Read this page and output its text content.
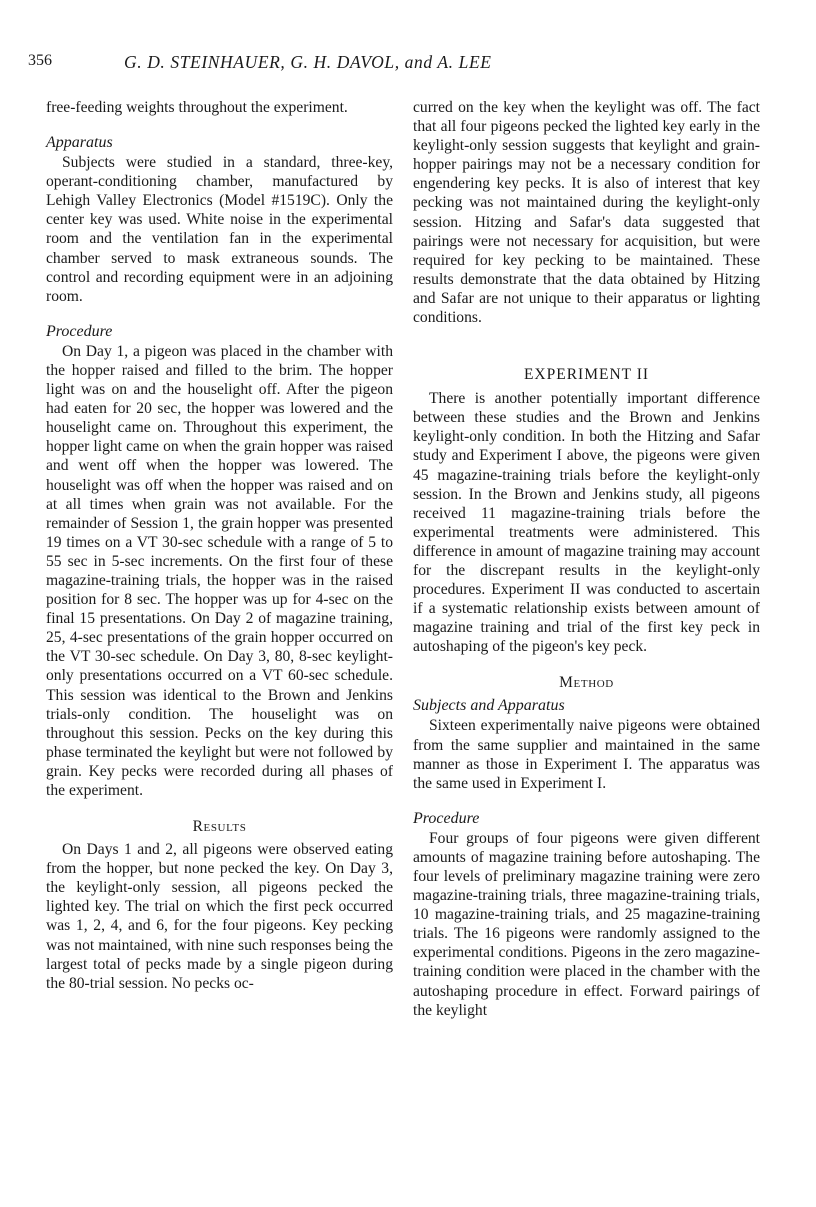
356	G. D. STEINHAUER, G. H. DAVOL, and A. LEE

free-feeding weights throughout the experiment.

Apparatus

Subjects were studied in a standard, three-key, operant-conditioning chamber, manufactured by Lehigh Valley Electronics (Model #1519C). Only the center key was used. White noise in the experimental room and the ventilation fan in the experimental chamber served to mask extraneous sounds. The control and recording equipment were in an adjoining room.

Procedure

On Day 1, a pigeon was placed in the chamber with the hopper raised and filled to the brim. The hopper light was on and the houselight off. After the pigeon had eaten for 20 sec, the hopper was lowered and the houselight came on. Throughout this experiment, the hopper light came on when the grain hopper was raised and went off when the hopper was lowered. The houselight was off when the hopper was raised and on at all times when grain was not available. For the remainder of Session 1, the grain hopper was presented 19 times on a VT 30-sec schedule with a range of 5 to 55 sec in 5-sec increments. On the first four of these magazine-training trials, the hopper was in the raised position for 8 sec. The hopper was up for 4-sec on the final 15 presentations. On Day 2 of magazine training, 25, 4-sec presentations of the grain hopper occurred on the VT 30-sec schedule. On Day 3, 80, 8-sec keylight-only presentations occurred on a VT 60-sec schedule. This session was identical to the Brown and Jenkins trials-only condition. The houselight was on throughout this session. Pecks on the key during this phase terminated the keylight but were not followed by grain. Key pecks were recorded during all phases of the experiment.

Results

On Days 1 and 2, all pigeons were observed eating from the hopper, but none pecked the key. On Day 3, the keylight-only session, all pigeons pecked the lighted key. The trial on which the first peck occurred was 1, 2, 4, and 6, for the four pigeons. Key pecking was not maintained, with nine such responses being the largest total of pecks made by a single pigeon during the 80-trial session. No pecks oc-

curred on the key when the keylight was off. The fact that all four pigeons pecked the lighted key early in the keylight-only session suggests that keylight and grain-hopper pairings may not be a necessary condition for engendering key pecks. It is also of interest that key pecking was not maintained during the keylight-only session. Hitzing and Safar's data suggested that pairings were not necessary for acquisition, but were required for key pecking to be maintained. These results demonstrate that the data obtained by Hitzing and Safar are not unique to their apparatus or lighting conditions.

EXPERIMENT II

There is another potentially important difference between these studies and the Brown and Jenkins keylight-only condition. In both the Hitzing and Safar study and Experiment I above, the pigeons were given 45 magazine-training trials before the keylight-only session. In the Brown and Jenkins study, all pigeons received 11 magazine-training trials before the experimental treatments were administered. This difference in amount of magazine training may account for the discrepant results in the keylight-only procedures. Experiment II was conducted to ascertain if a systematic relationship exists between amount of magazine training and trial of the first key peck in autoshaping of the pigeon's key peck.

Method
Subjects and Apparatus

Sixteen experimentally naive pigeons were obtained from the same supplier and maintained in the same manner as those in Experiment I. The apparatus was the same used in Experiment I.

Procedure

Four groups of four pigeons were given different amounts of magazine training before autoshaping. The four levels of preliminary magazine training were zero magazine-training trials, three magazine-training trials, 10 magazine-training trials, and 25 magazine-training trials. The 16 pigeons were randomly assigned to the experimental conditions. Pigeons in the zero magazine-training condition were placed in the chamber with the autoshaping procedure in effect. Forward pairings of the keylight
